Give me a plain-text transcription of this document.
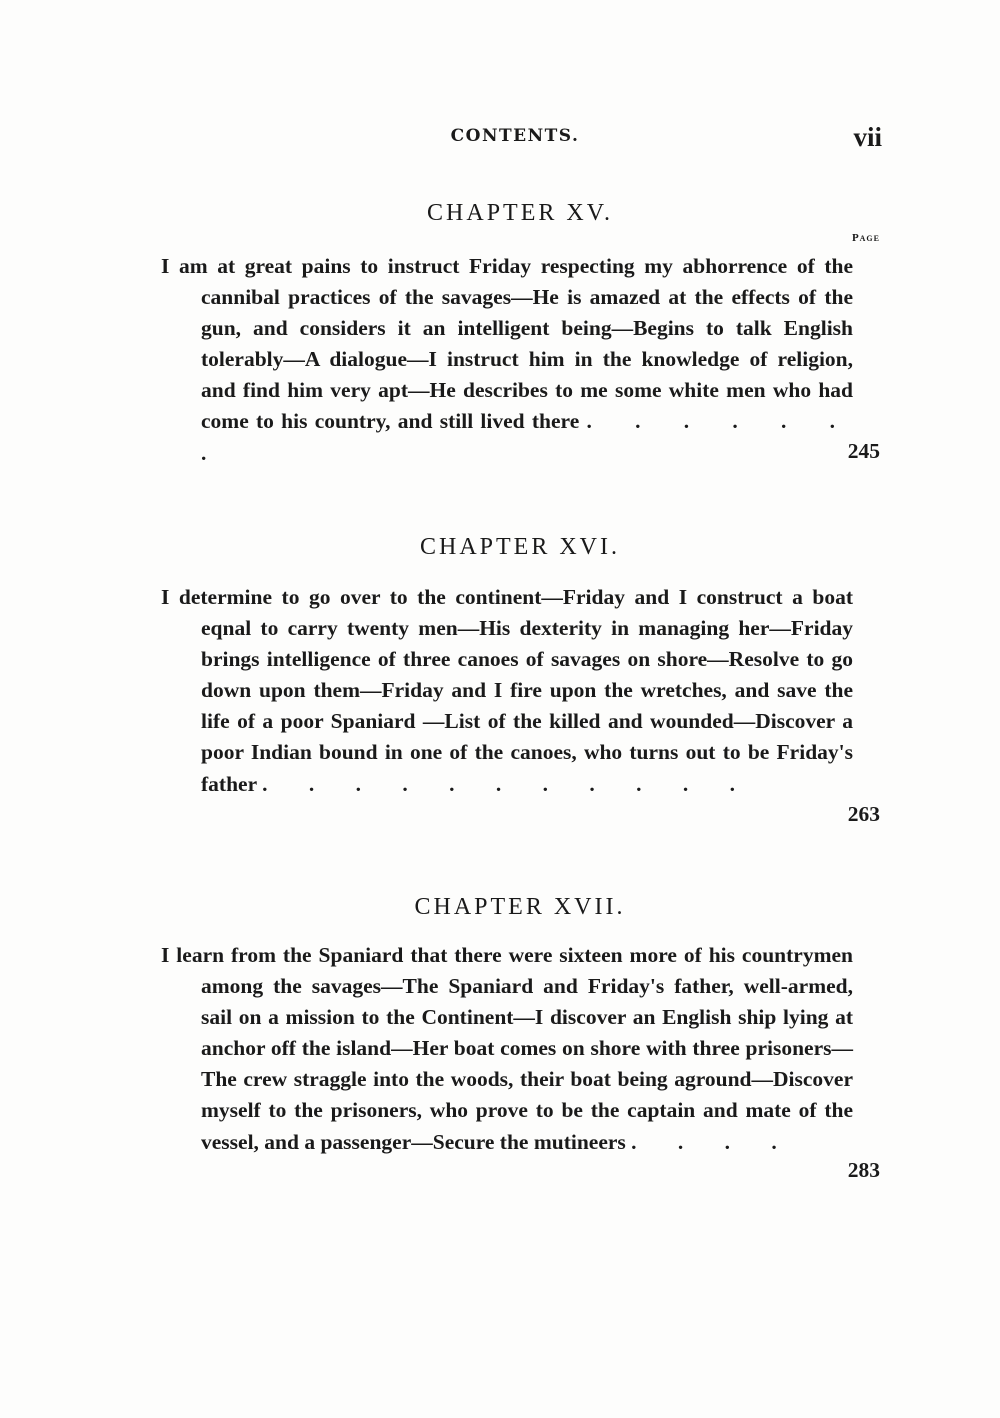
CONTENTS.	vii
CHAPTER XV.
Page
I am at great pains to instruct Friday respecting my abhorrence of the cannibal practices of the savages—He is amazed at the effects of the gun, and considers it an intelligent being—Begins to talk English tolerably—A dialogue—I instruct him in the knowledge of religion, and find him very apt—He describes to me some white men who had come to his country, and still lived there . . . . . . .	245
CHAPTER XVI.
I determine to go over to the continent—Friday and I construct a boat eqnal to carry twenty men—His dexterity in managing her—Friday brings intelligence of three canoes of savages on shore—Resolve to go down upon them—Friday and I fire upon the wretches, and save the life of a poor Spaniard —List of the killed and wounded—Discover a poor Indian bound in one of the canoes, who turns out to be Friday's father . . . . . . . . . . .
263
CHAPTER XVII.
I learn from the Spaniard that there were sixteen more of his countrymen among the savages—The Spaniard and Friday's father, well-armed, sail on a mission to the Continent—I discover an English ship lying at anchor off the island—Her boat comes on shore with three prisoners—The crew straggle into the woods, their boat being aground—Discover myself to the prisoners, who prove to be the captain and mate of the vessel, and a passenger—Secure the mutineers . . . .
283
